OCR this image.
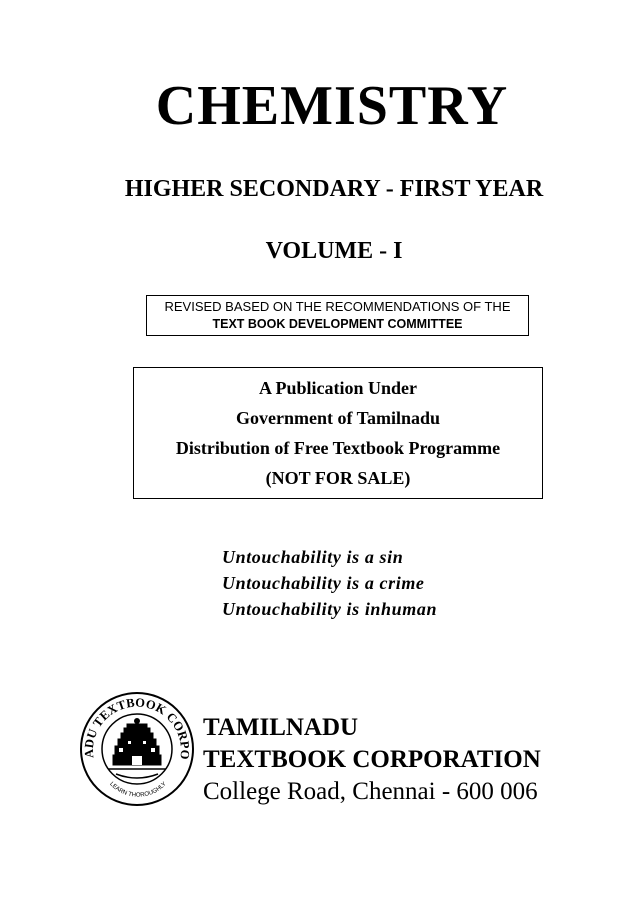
CHEMISTRY
HIGHER SECONDARY - FIRST YEAR
VOLUME - I
REVISED BASED ON THE RECOMMENDATIONS OF THE
TEXT BOOK DEVELOPMENT COMMITTEE
A Publication Under
Government of Tamilnadu
Distribution of Free Textbook Programme
(NOT FOR SALE)
Untouchability is a sin
Untouchability is a crime
Untouchability is inhuman
ADU TEXTBOOK CORPO
LEARN THOROUGHLY
TAMILNADU
TEXTBOOK CORPORATION
College Road, Chennai - 600 006
